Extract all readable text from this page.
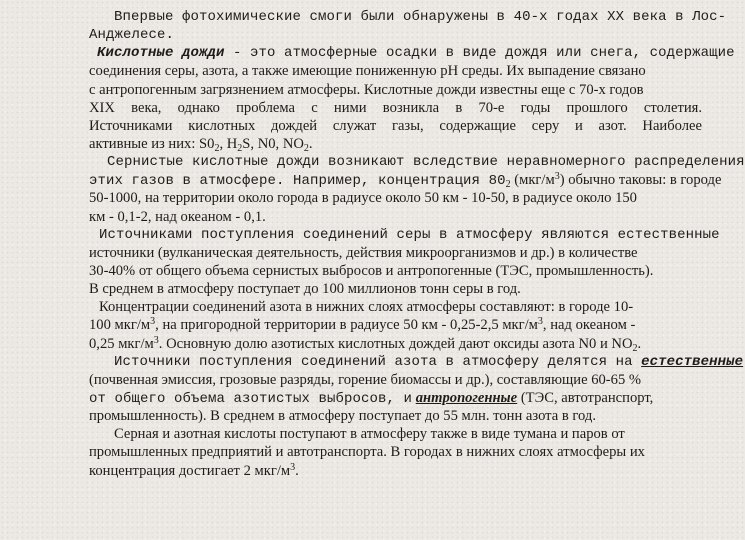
Впервые фотохимические смоги были обнаружены в 40-х годах XX века в Лос-
Анджелесе.
Кислотные дожди - это атмосферные осадки в виде дождя или снега, содержащие
соединения серы, азота, а также имеющие пониженную рН среды. Их выпадение связано
с антропогенным загрязнением атмосферы. Кислотные дожди известны еще с 70-х годов
XIX века, однако проблема с ними возникла в 70-е годы прошлого столетия.
Источниками кислотных дождей служат газы, содержащие серу и азот. Наиболее
активные из них: $S0_2$, $H_2S$, N0, $NO_2$.
Сернистые кислотные дожди возникают вследствие неравномерного распределения
этих газов в атмосфере. Например, концентрация $80_2$ $(мкг/м^3)$ обычно таковы: в городе
50-1000, на территории около города в радиусе около 50 км - 10-50, в радиусе около 150
км - 0,1-2, над океаном - 0,1.
Источниками поступления соединений серы в атмосферу являются естественные
источники (вулканическая деятельность, действия микроорганизмов и др.) в количестве
30-40% от общего объема сернистых выбросов и антропогенные (ТЭС, промышленность).
В среднем в атмосферу поступает до 100 миллионов тонн серы в год.
Концентрации соединений азота в нижних слоях атмосферы составляют: в городе 10-
100 мкг/$м^3$, на пригородной территории в радиусе 50 км - 0,25-2,5 мкг/$м^3$, над океаном -
0,25 мкг/$м^3$. Основную долю азотистых кислотных дождей дают оксиды азота N0 и $NO_2$.
Источники поступления соединений азота в атмосферу делятся на естественные
(почвенная эмиссия, грозовые разряды, горение биомассы и др.), составляющие 60-65 %
от общего объема азотистых выбросов, и антропогенные (ТЭС, автотранспорт,
промышленность). В среднем в атмосферу поступает до 55 млн. тонн азота в год.
Серная и азотная кислоты поступают в атмосферу также в виде тумана и паров от
промышленных предприятий и автотранспорта. В городах в нижних слоях атмосферы их
концентрация достигает 2 мкг/$м^3$.
